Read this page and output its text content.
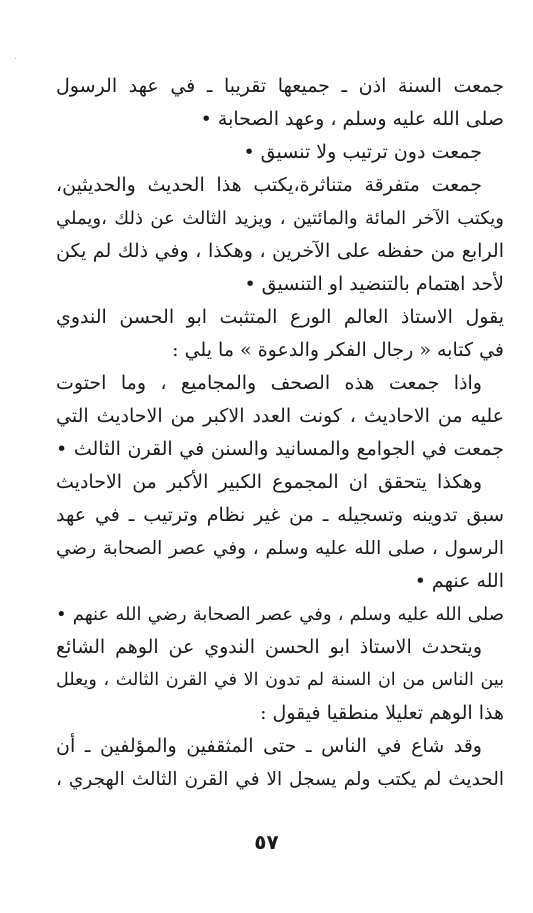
·
جمعت السنة اذن ـ جميعها تقريبا ـ في عهد الرسول
صلى الله عليه وسلم ، وعهد الصحابة •
جمعت دون ترتيب ولا تنسيق •
جمعت متفرقة متناثرة،يكتب هذا الحديث والحديثين،
ويكتب الآخر المائة والمائتين ، ويزيد الثالث عن ذلك ،ويملي
الرابع من حفظه على الآخرين ، وهكذا ، وفي ذلك لم يكن
لأحد اهتمام بالتنضيد او التنسيق •
يقول الاستاذ العالم الورع المتثبت ابو الحسن الندوي
في كتابه « رجال الفكر والدعوة » ما يلي :
واذا جمعت هذه الصحف والمجاميع ، وما احتوت
عليه من الاحاديث ، كونت العدد الاكبر من الاحاديث التي
جمعت في الجوامع والمسانيد والسنن في القرن الثالث •
وهكذا يتحقق ان المجموع الكبير الأكبر من الاحاديث
سبق تدوينه وتسجيله ـ من غير نظام وترتيب ـ في عهد
الرسول ، صلى الله عليه وسلم ، وفي عصر الصحابة رضي
الله عنهم •
صلى الله عليه وسلم ، وفي عصر الصحابة رضي الله عنهم •
ويتحدث الاستاذ ابو الحسن الندوي عن الوهم الشائع
بين الناس من ان السنة لم تدون الا في القرن الثالث ، ويعلل
هذا الوهم تعليلا منطقيا فيقول :
وقد شاع في الناس ـ حتى المثقفين والمؤلفين ـ أن
الحديث لم يكتب ولم يسجل الا في القرن الثالث الهجري ،
٥٧
